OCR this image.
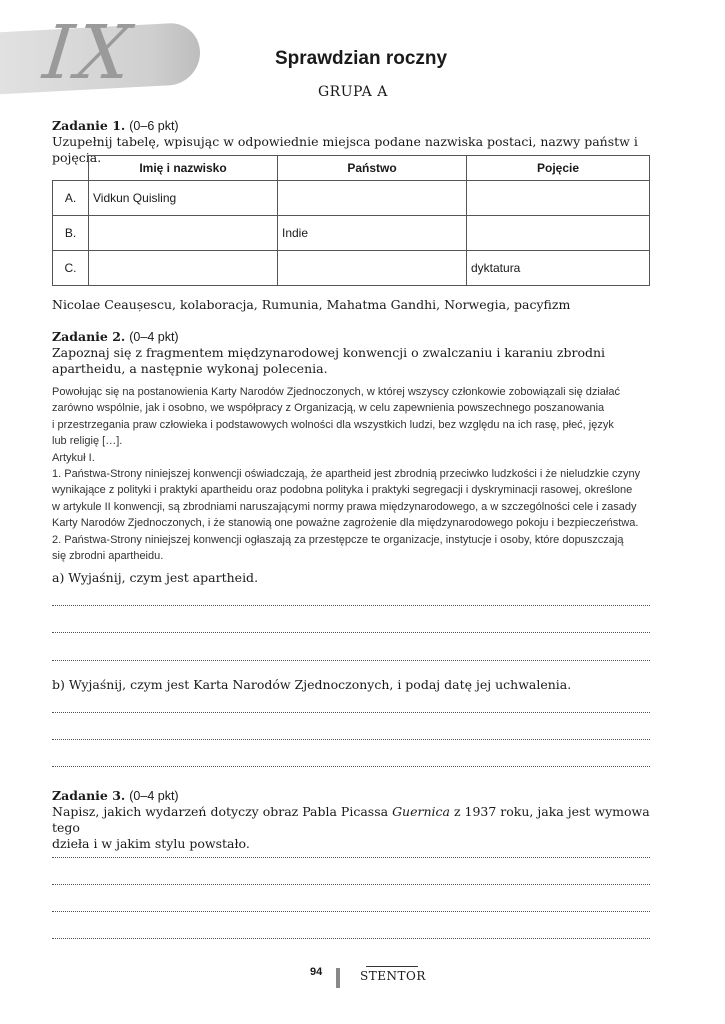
IX	Sprawdzian roczny
GRUPA A
Zadanie 1. (0–6 pkt)
Uzupełnij tabelę, wpisując w odpowiednie miejsca podane nazwiska postaci, nazwy państw i pojęcia.
	Imię i nazwisko	Państwo	Pojęcie
A.	Vidkun Quisling		
B.		Indie	
C.			dyktatura
Nicolae Ceaușescu, kolaboracja, Rumunia, Mahatma Gandhi, Norwegia, pacyfizm
Zadanie 2. (0–4 pkt)
Zapoznaj się z fragmentem międzynarodowej konwencji o zwalczaniu i karaniu zbrodni apartheidu, a następnie wykonaj polecenia.
Powołując się na postanowienia Karty Narodów Zjednoczonych, w której wszyscy członkowie zobowiązali się działać
zarówno wspólnie, jak i osobno, we współpracy z Organizacją, w celu zapewnienia powszechnego poszanowania
i przestrzegania praw człowieka i podstawowych wolności dla wszystkich ludzi, bez względu na ich rasę, płeć, język
lub religię […].
Artykuł I.
1. Państwa-Strony niniejszej konwencji oświadczają, że apartheid jest zbrodnią przeciwko ludzkości i że nieludzkie czyny
wynikające z polityki i praktyki apartheidu oraz podobna polityka i praktyki segregacji i dyskryminacji rasowej, określone
w artykule II konwencji, są zbrodniami naruszającymi normy prawa międzynarodowego, a w szczególności cele i zasady
Karty Narodów Zjednoczonych, i że stanowią one poważne zagrożenie dla międzynarodowego pokoju i bezpieczeństwa.
2. Państwa-Strony niniejszej konwencji ogłaszają za przestępcze te organizacje, instytucje i osoby, które dopuszczają
się zbrodni apartheidu.
a) Wyjaśnij, czym jest apartheid.
b) Wyjaśnij, czym jest Karta Narodów Zjednoczonych, i podaj datę jej uchwalenia.
Zadanie 3. (0–4 pkt)
Napisz, jakich wydarzeń dotyczy obraz Pabla Picassa Guernica z 1937 roku, jaka jest wymowa tego
dzieła i w jakim stylu powstało.
94	STENTOR
